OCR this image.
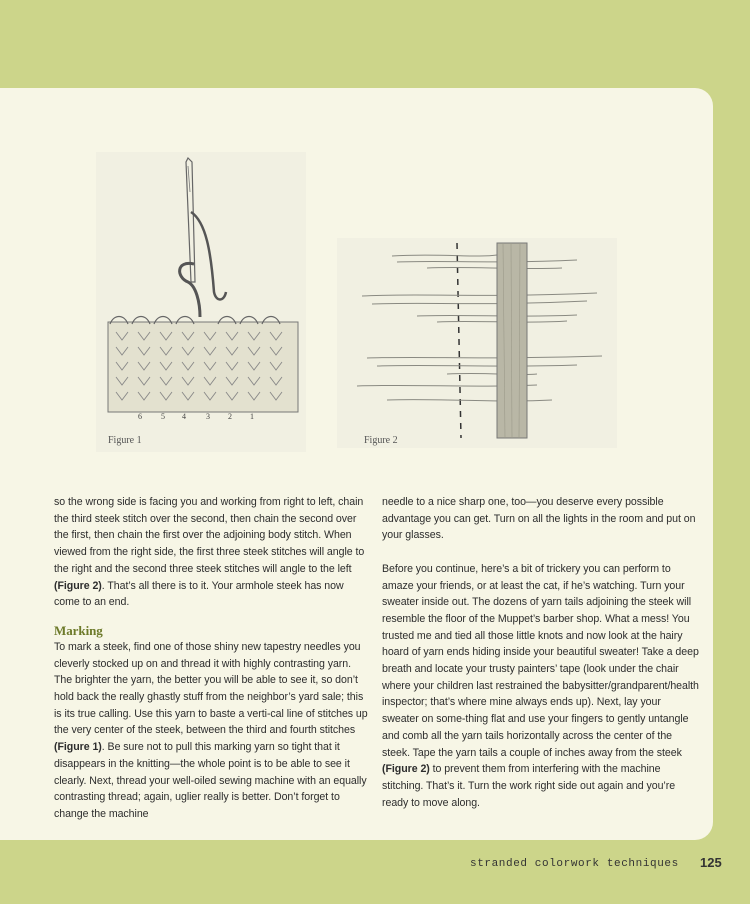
6 5 4	3 2 1
Figure 1	Figure 2

so the wrong side is facing you and working from right to left, chain the third steek stitch over the second, then chain the second over the first, then chain the first over the adjoining body stitch. When viewed from the right side, the first three steek stitches will angle to the right and the second three steek stitches will angle to the left (Figure 2). That’s all there is to it. Your armhole steek has now come to an end.

Marking

To mark a steek, find one of those shiny new tapestry needles you cleverly stocked up on and thread it with highly contrasting yarn. The brighter the yarn, the better you will be able to see it, so don’t hold back the really ghastly stuff from the neighbor’s yard sale; this is its true calling. Use this yarn to baste a verti-cal line of stitches up the very center of the steek, between the third and fourth stitches (Figure 1). Be sure not to pull this marking yarn so tight that it disappears in the knitting—the whole point is to be able to see it clearly. Next, thread your well-oiled sewing machine with an equally contrasting thread; again, uglier really is better. Don’t forget to change the machine

needle to a nice sharp one, too—you deserve every possible advantage you can get. Turn on all the lights in the room and put on your glasses.

Before you continue, here’s a bit of trickery you can perform to amaze your friends, or at least the cat, if he’s watching. Turn your sweater inside out. The dozens of yarn tails adjoining the steek will resemble the floor of the Muppet’s barber shop. What a mess! You trusted me and tied all those little knots and now look at the hairy hoard of yarn ends hiding inside your beautiful sweater! Take a deep breath and locate your trusty painters’ tape (look under the chair where your children last restrained the babysitter/grandparent/health inspector; that’s where mine always ends up). Next, lay your sweater on some-thing flat and use your fingers to gently untangle and comb all the yarn tails horizontally across the center of the steek. Tape the yarn tails a couple of inches away from the steek (Figure 2) to prevent them from interfering with the machine stitching. That’s it. Turn the work right side out again and you’re ready to move along.

stranded colorwork techniques 125
